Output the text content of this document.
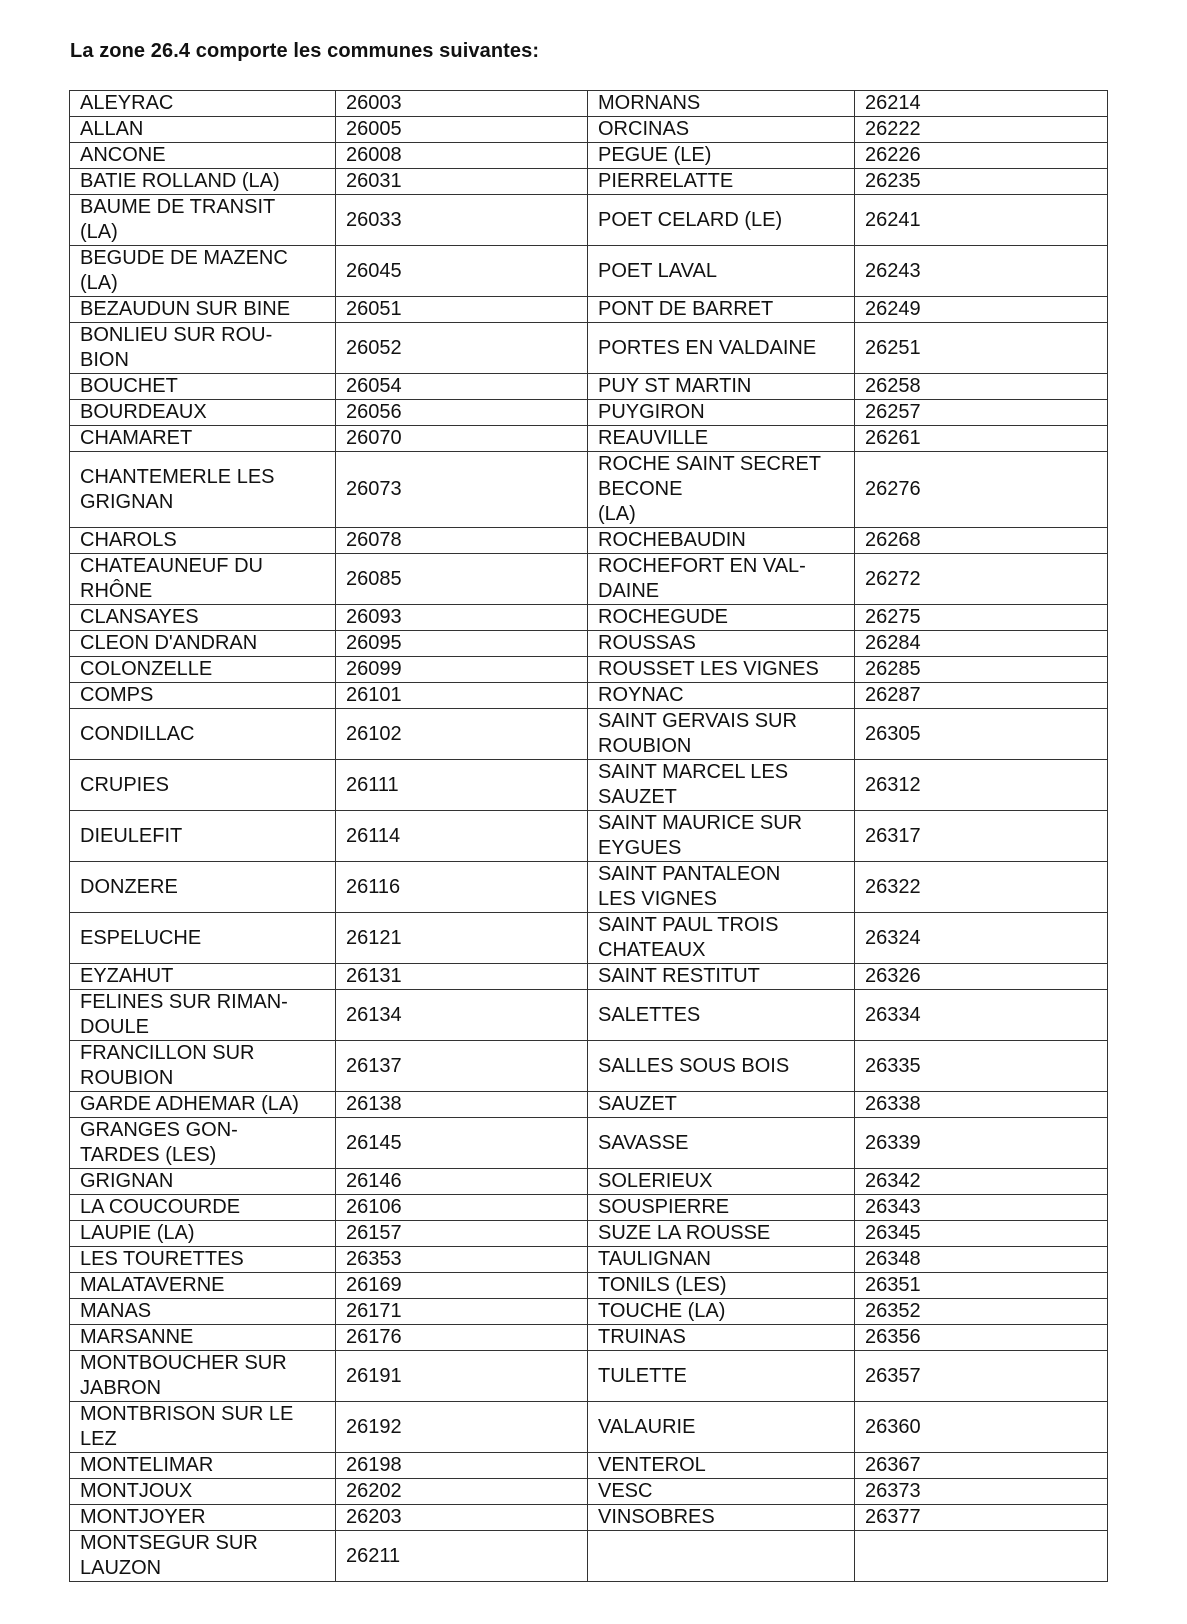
La zone 26.4 comporte les communes suivantes:
ALEYRAC	26003	MORNANS	26214
ALLAN	26005	ORCINAS	26222
ANCONE	26008	PEGUE (LE)	26226
BATIE ROLLAND (LA)	26031	PIERRELATTE	26235
BAUME DE TRANSIT
(LA)	26033	POET CELARD (LE)	26241
BEGUDE DE MAZENC
(LA)	26045	POET LAVAL	26243
BEZAUDUN SUR BINE	26051	PONT DE BARRET	26249
BONLIEU SUR ROU-
BION	26052	PORTES EN VALDAINE	26251
BOUCHET	26054	PUY ST MARTIN	26258
BOURDEAUX	26056	PUYGIRON	26257
CHAMARET	26070	REAUVILLE	26261
CHANTEMERLE LES
GRIGNAN	26073	ROCHE SAINT SECRET
BECONE
(LA)	26276
CHAROLS	26078	ROCHEBAUDIN	26268
CHATEAUNEUF DU
RHÔNE	26085	ROCHEFORT EN VAL-
DAINE	26272
CLANSAYES	26093	ROCHEGUDE	26275
CLEON D'ANDRAN	26095	ROUSSAS	26284
COLONZELLE	26099	ROUSSET LES VIGNES	26285
COMPS	26101	ROYNAC	26287
CONDILLAC	26102	SAINT GERVAIS SUR
ROUBION	26305
CRUPIES	26111	SAINT MARCEL LES
SAUZET	26312
DIEULEFIT	26114	SAINT MAURICE SUR
EYGUES	26317
DONZERE	26116	SAINT PANTALEON
LES VIGNES	26322
ESPELUCHE	26121	SAINT PAUL TROIS
CHATEAUX	26324
EYZAHUT	26131	SAINT RESTITUT	26326
FELINES SUR RIMAN-
DOULE	26134	SALETTES	26334
FRANCILLON SUR
ROUBION	26137	SALLES SOUS BOIS	26335
GARDE ADHEMAR (LA)	26138	SAUZET	26338
GRANGES GON-
TARDES (LES)	26145	SAVASSE	26339
GRIGNAN	26146	SOLERIEUX	26342
LA COUCOURDE	26106	SOUSPIERRE	26343
LAUPIE (LA)	26157	SUZE LA ROUSSE	26345
LES TOURETTES	26353	TAULIGNAN	26348
MALATAVERNE	26169	TONILS (LES)	26351
MANAS	26171	TOUCHE (LA)	26352
MARSANNE	26176	TRUINAS	26356
MONTBOUCHER SUR
JABRON	26191	TULETTE	26357
MONTBRISON SUR LE
LEZ	26192	VALAURIE	26360
MONTELIMAR	26198	VENTEROL	26367
MONTJOUX	26202	VESC	26373
MONTJOYER	26203	VINSOBRES	26377
MONTSEGUR SUR
LAUZON	26211		
